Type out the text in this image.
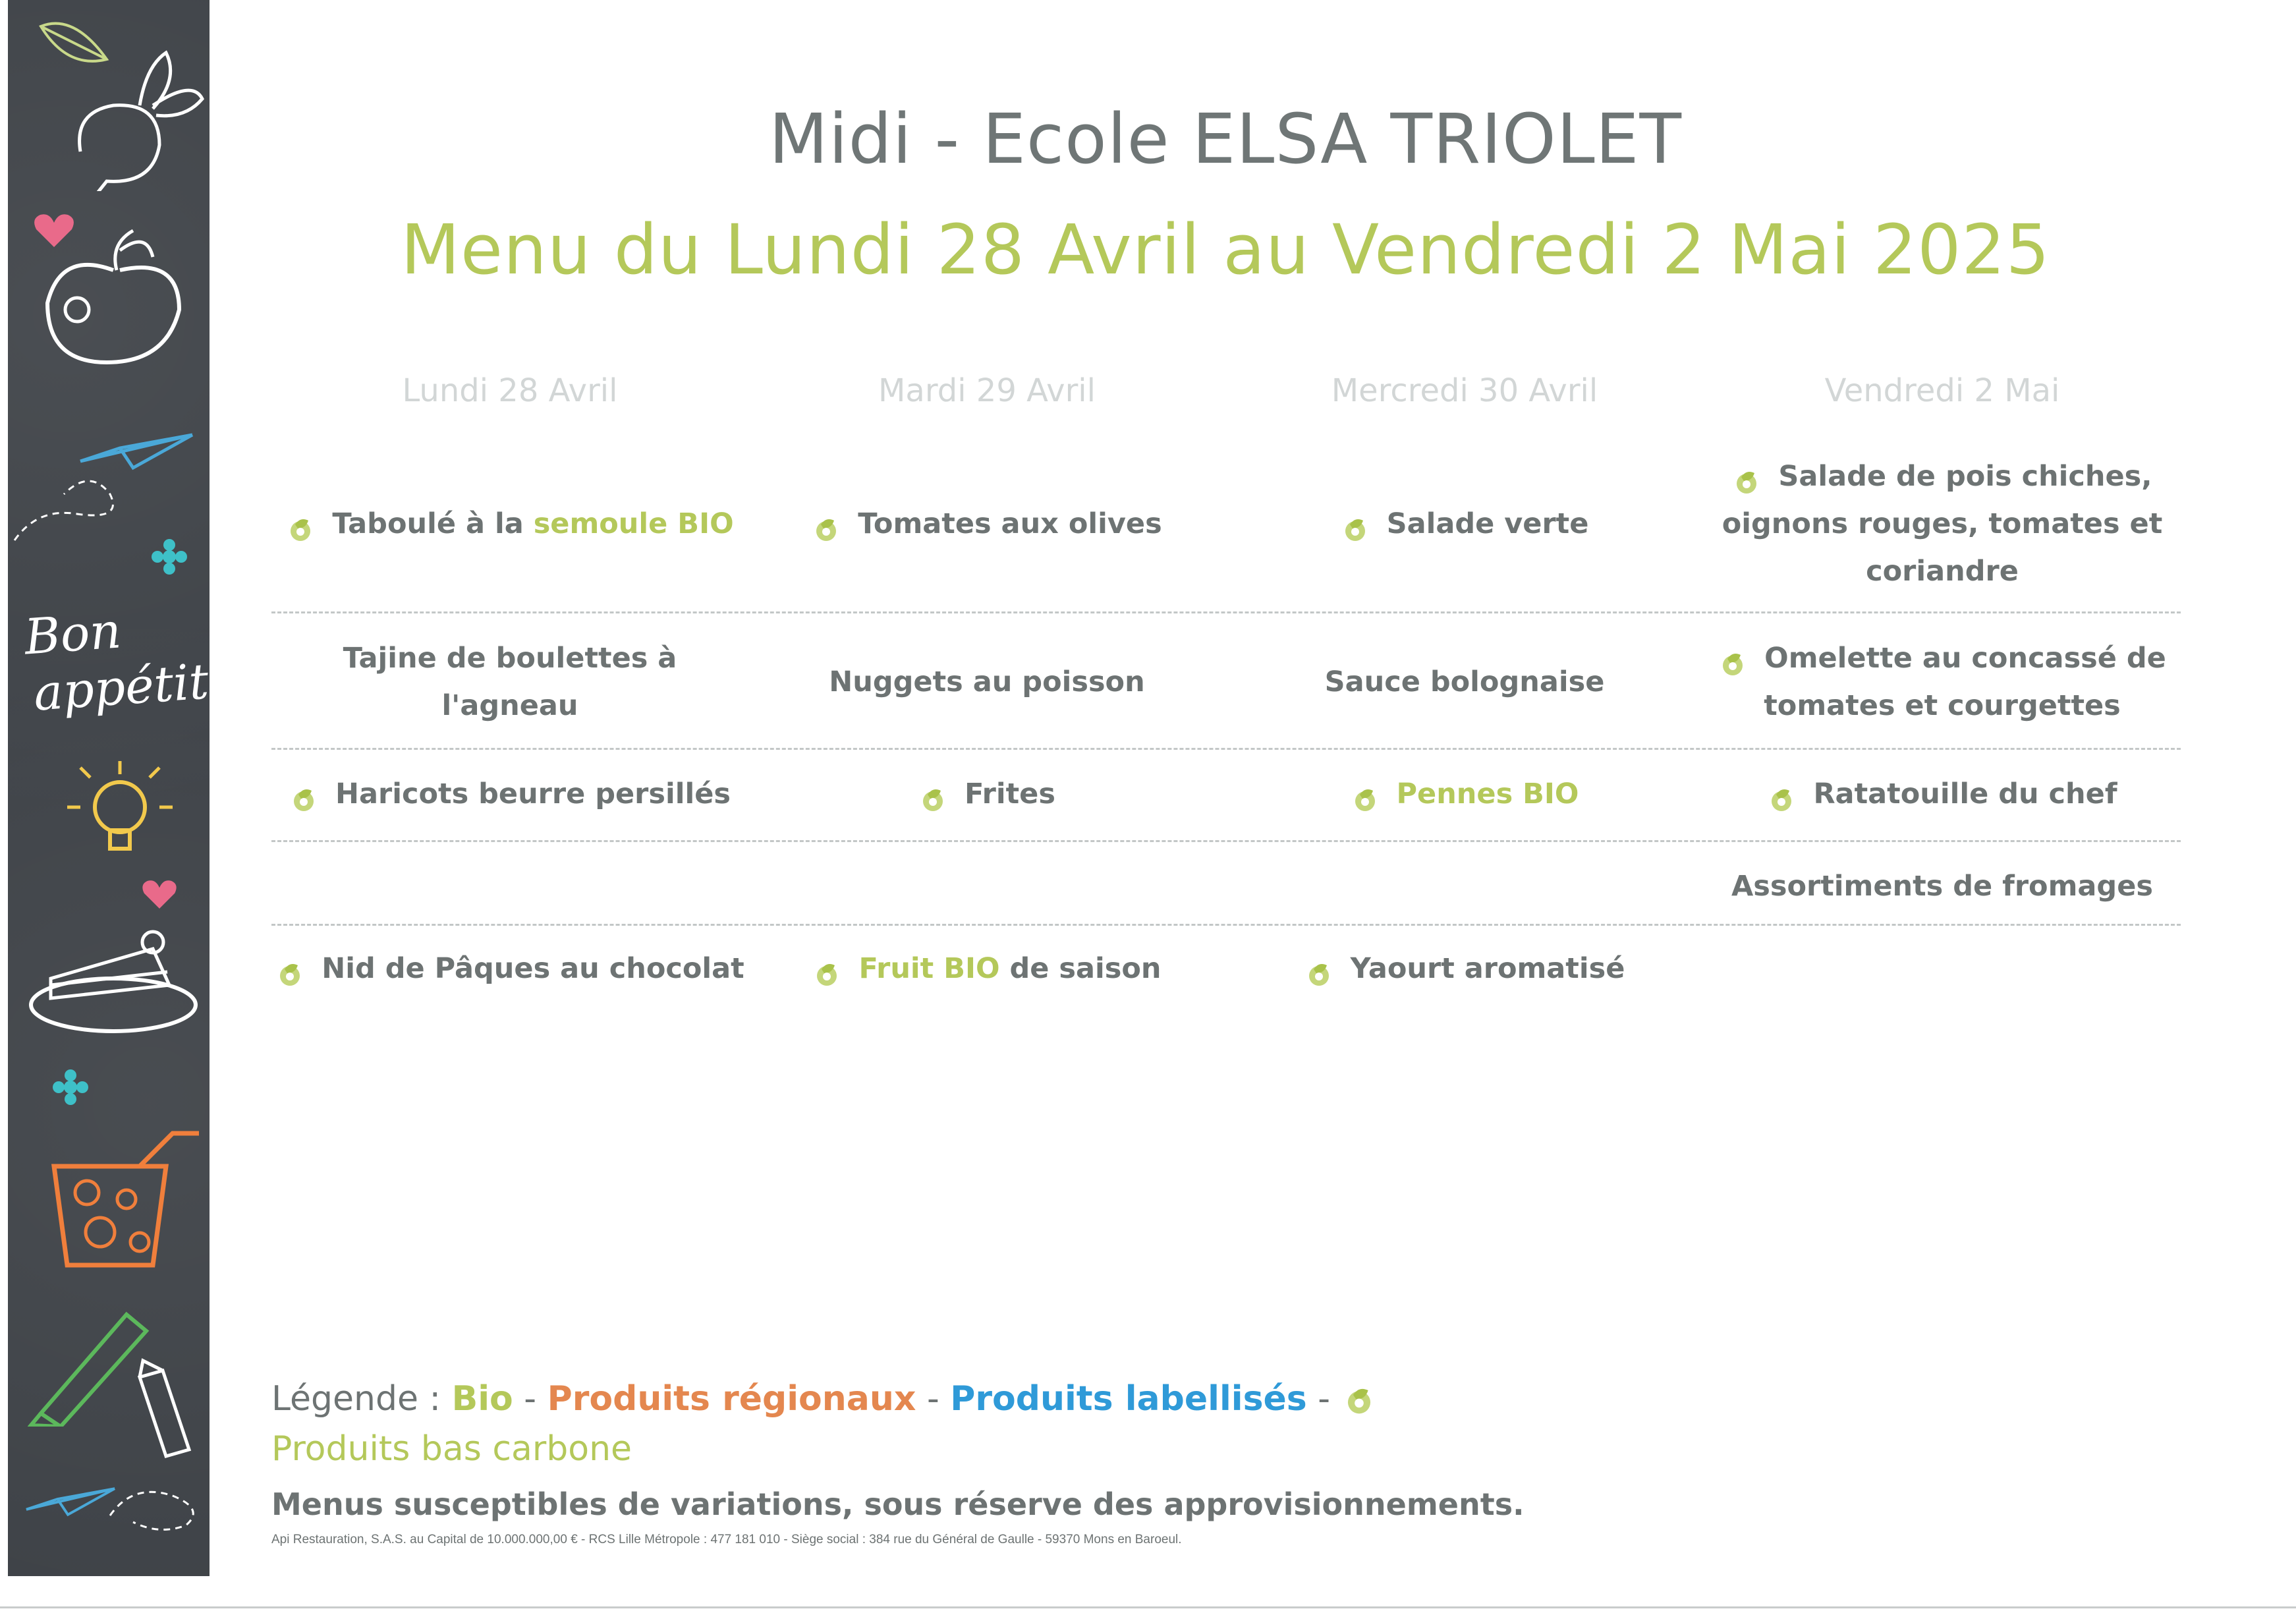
Bon
appétit
Midi - Ecole ELSA TRIOLET
Menu du Lundi 28 Avril au Vendredi 2 Mai 2025
Lundi 28 Avril
Taboulé à la semoule BIO
Tajine de boulettes à l'agneau
Haricots beurre persillés
Nid de Pâques au chocolat
Mardi 29 Avril
Tomates aux olives
Nuggets au poisson
Frites
Fruit BIO de saison
Mercredi 30 Avril
Salade verte
Sauce bolognaise
Pennes BIO
Yaourt aromatisé
Vendredi 2 Mai
Salade de pois chiches, oignons rouges, tomates et coriandre
Omelette au concassé de tomates et courgettes
Ratatouille du chef
Assortiments de fromages
Légende : Bio - Produits régionaux - Produits labellisés - Produits bas carbone
Menus susceptibles de variations, sous réserve des approvisionnements.
Api Restauration, S.A.S. au Capital de 10.000.000,00 € - RCS Lille Métropole : 477 181 010 - Siège social : 384 rue du Général de Gaulle - 59370 Mons en Baroeul.
